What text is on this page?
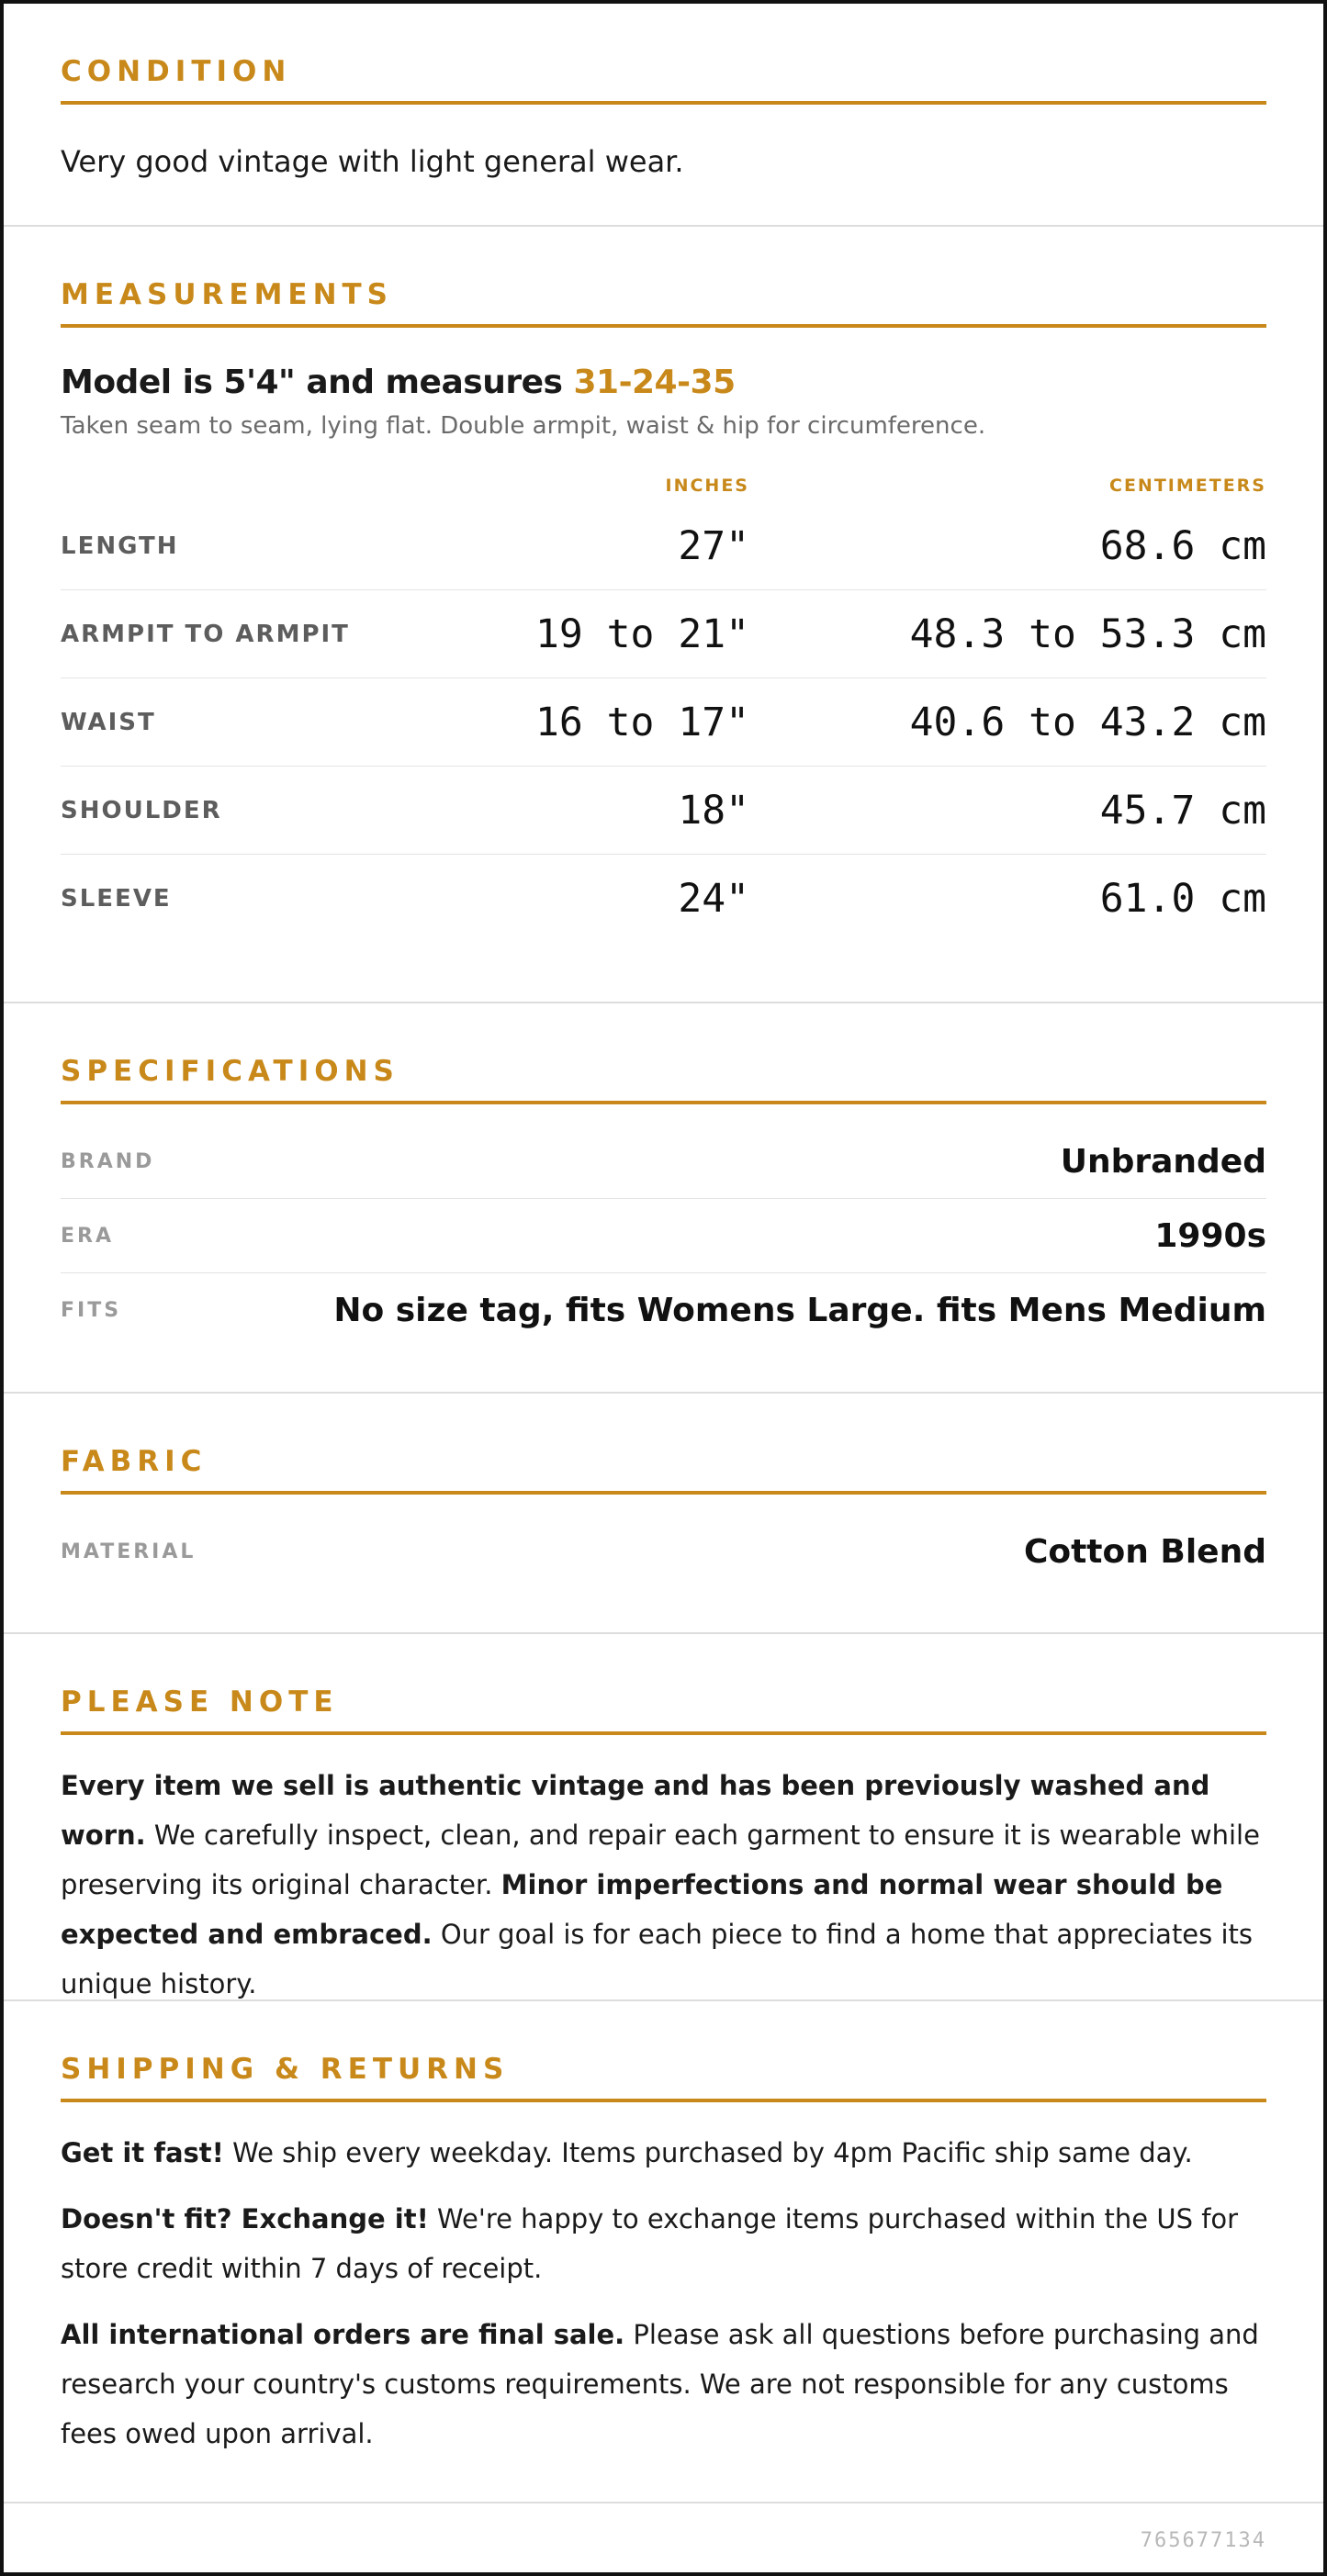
CONDITION
Very good vintage with light general wear.
MEASUREMENTS
Model is 5'4" and measures 31-24-35
Taken seam to seam, lying flat. Double armpit, waist & hip for circumference.
INCHES	CENTIMETERS
LENGTH	27"	68.6 cm
ARMPIT TO ARMPIT	19 to 21"	48.3 to 53.3 cm
WAIST	16 to 17"	40.6 to 43.2 cm
SHOULDER	18"	45.7 cm
SLEEVE	24"	61.0 cm
SPECIFICATIONS
BRAND	Unbranded
ERA	1990s
FITS	No size tag, fits Womens Large. fits Mens Medium
FABRIC
MATERIAL	Cotton Blend
PLEASE NOTE
Every item we sell is authentic vintage and has been previously washed and worn. We carefully inspect, clean, and repair each garment to ensure it is wearable while preserving its original character. Minor imperfections and normal wear should be expected and embraced. Our goal is for each piece to find a home that appreciates its unique history.
SHIPPING & RETURNS

Get it fast! We ship every weekday. Items purchased by 4pm Pacific ship same day.

Doesn't fit? Exchange it! We're happy to exchange items purchased within the US for store credit within 7 days of receipt.

All international orders are final sale. Please ask all questions before purchasing and research your country's customs requirements. We are not responsible for any customs fees owed upon arrival.

765677134
